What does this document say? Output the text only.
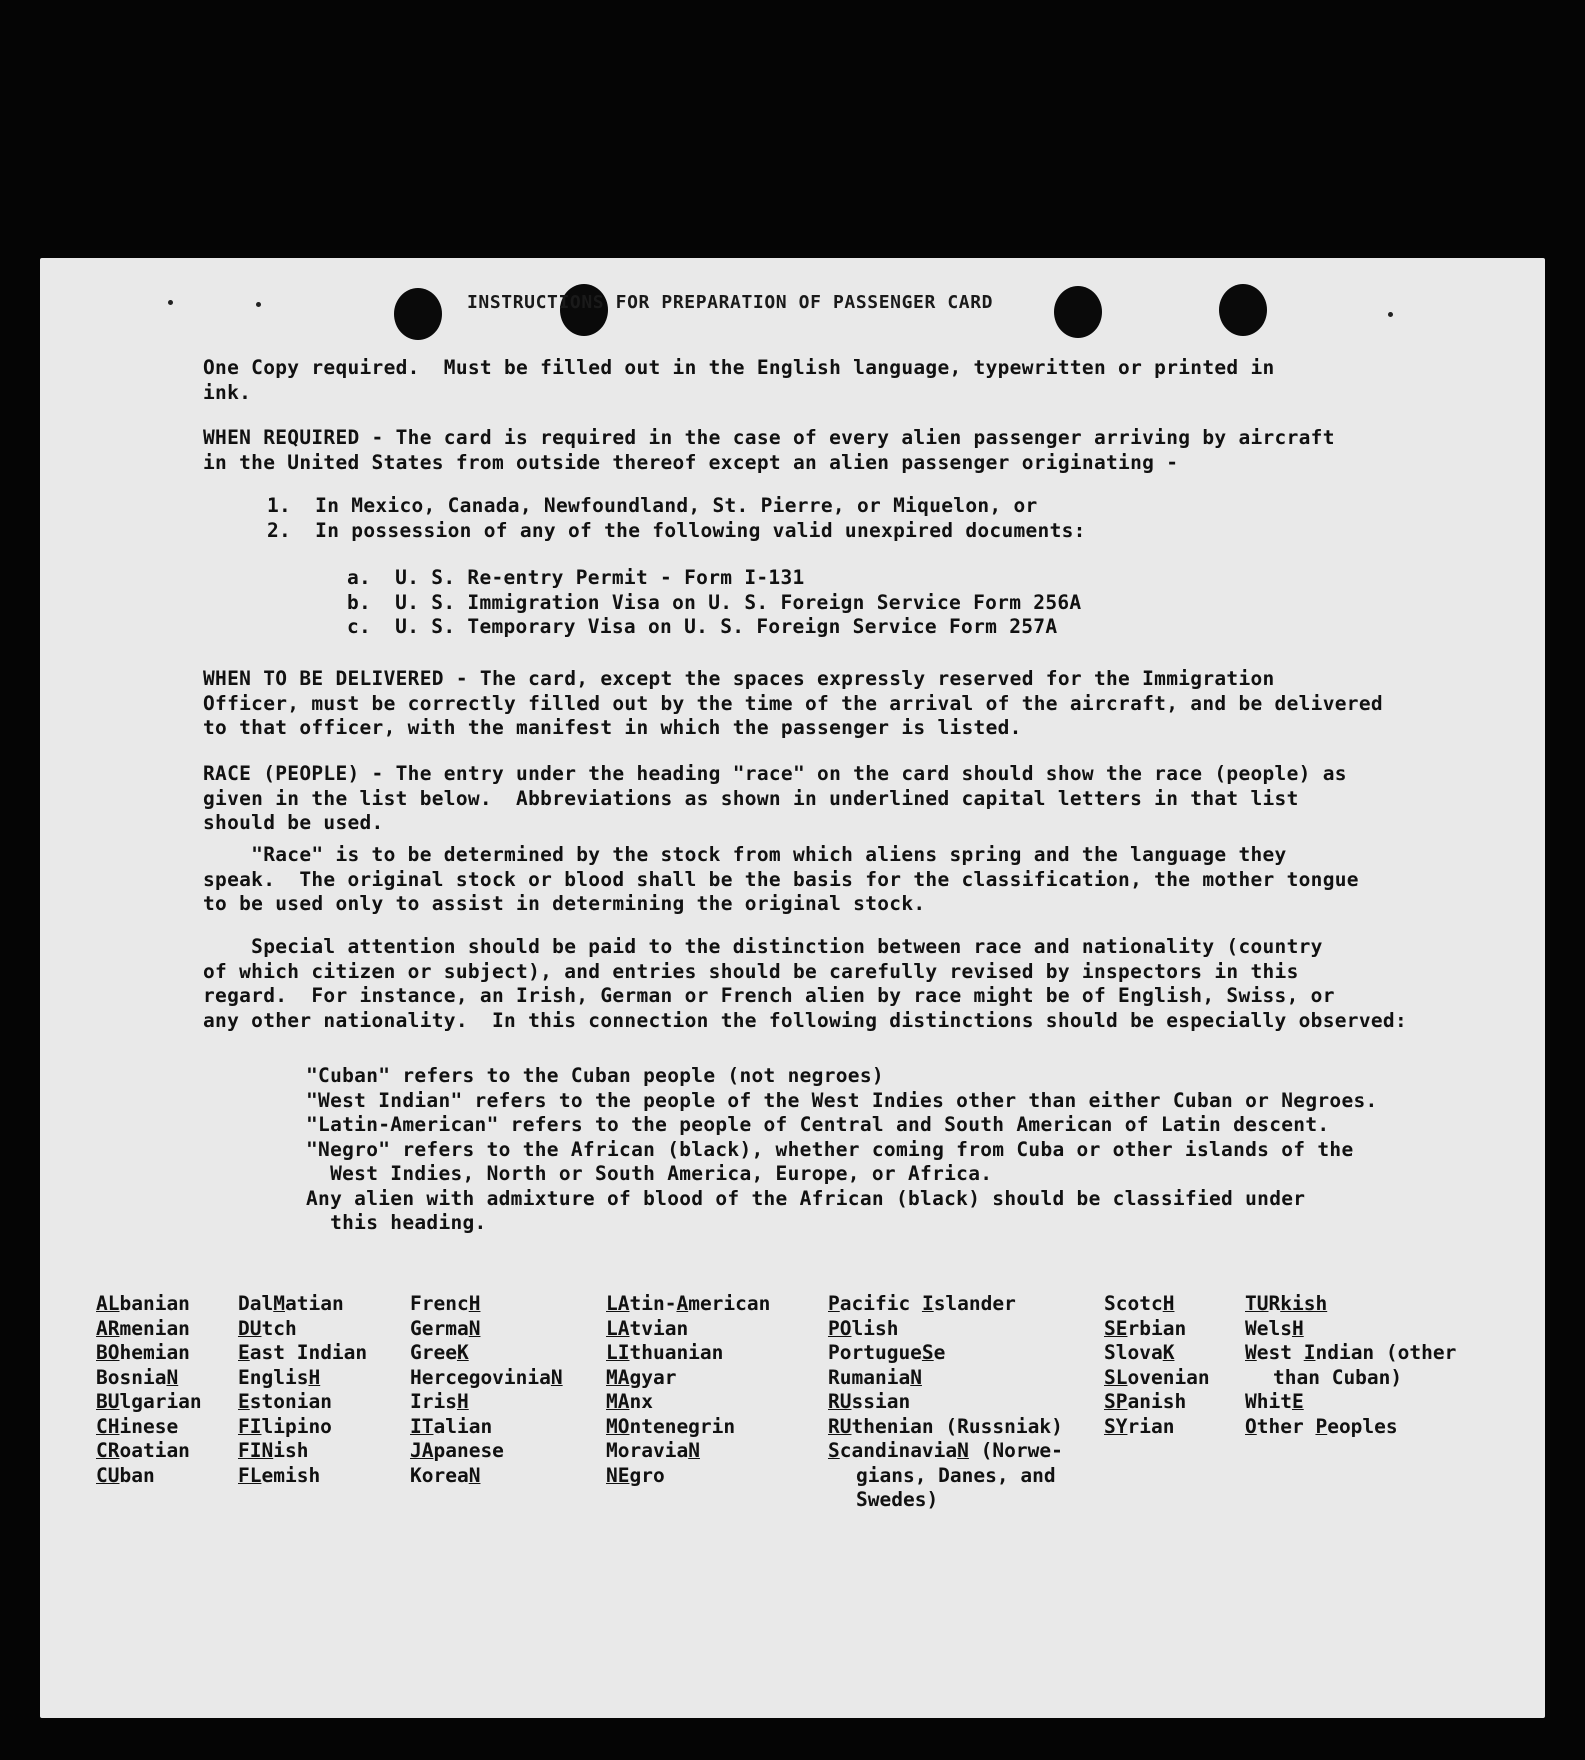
INSTRUCTIONS FOR PREPARATION OF PASSENGER CARD
One Copy required.  Must be filled out in the English language, typewritten or printed in
ink.
WHEN REQUIRED - The card is required in the case of every alien passenger arriving by aircraft
in the United States from outside thereof except an alien passenger originating -
1.  In Mexico, Canada, Newfoundland, St. Pierre, or Miquelon, or
2.  In possession of any of the following valid unexpired documents:
a.  U. S. Re-entry Permit - Form I-131
b.  U. S. Immigration Visa on U. S. Foreign Service Form 256A
c.  U. S. Temporary Visa on U. S. Foreign Service Form 257A
WHEN TO BE DELIVERED - The card, except the spaces expressly reserved for the Immigration
Officer, must be correctly filled out by the time of the arrival of the aircraft, and be delivered
to that officer, with the manifest in which the passenger is listed.
RACE (PEOPLE) - The entry under the heading "race" on the card should show the race (people) as
given in the list below.  Abbreviations as shown in underlined capital letters in that list
should be used.
"Race" is to be determined by the stock from which aliens spring and the language they
speak.  The original stock or blood shall be the basis for the classification, the mother tongue
to be used only to assist in determining the original stock.
Special attention should be paid to the distinction between race and nationality (country
of which citizen or subject), and entries should be carefully revised by inspectors in this
regard.  For instance, an Irish, German or French alien by race might be of English, Swiss, or
any other nationality.  In this connection the following distinctions should be especially observed:
"Cuban" refers to the Cuban people (not negroes)
"West Indian" refers to the people of the West Indies other than either Cuban or Negroes.
"Latin-American" refers to the people of Central and South American of Latin descent.
"Negro" refers to the African (black), whether coming from Cuba or other islands of the
West Indies, North or South America, Europe, or Africa.
Any alien with admixture of blood of the African (black) should be classified under
this heading.
ALbanian
ARmenian
BOhemian
BosniaN
BUlgarian
CHinese
CRoatian
CUban
DalMatian
DUtch
East Indian
EnglisH
Estonian
FIlipino
FINish
FLemish
FrencH
GermaN
GreeK
HercegoviniaN
IrisH
ITalian
JApanese
KoreaN
LAtin-American
LAtvian
LIthuanian
MAgyar
MAnx
MOntenegrin
MoraviaN
NEgro
Pacific Islander
POlish
PortugueSe
RumaniaN
RUssian
RUthenian (Russniak)
ScandinaviaN (Norwe-
gians, Danes, and
Swedes)
ScotcH
SErbian
SlovaK
SLovenian
SPanish
SYrian
TURkish
WelsH
West Indian (other
than Cuban)
WhitE
Other Peoples
